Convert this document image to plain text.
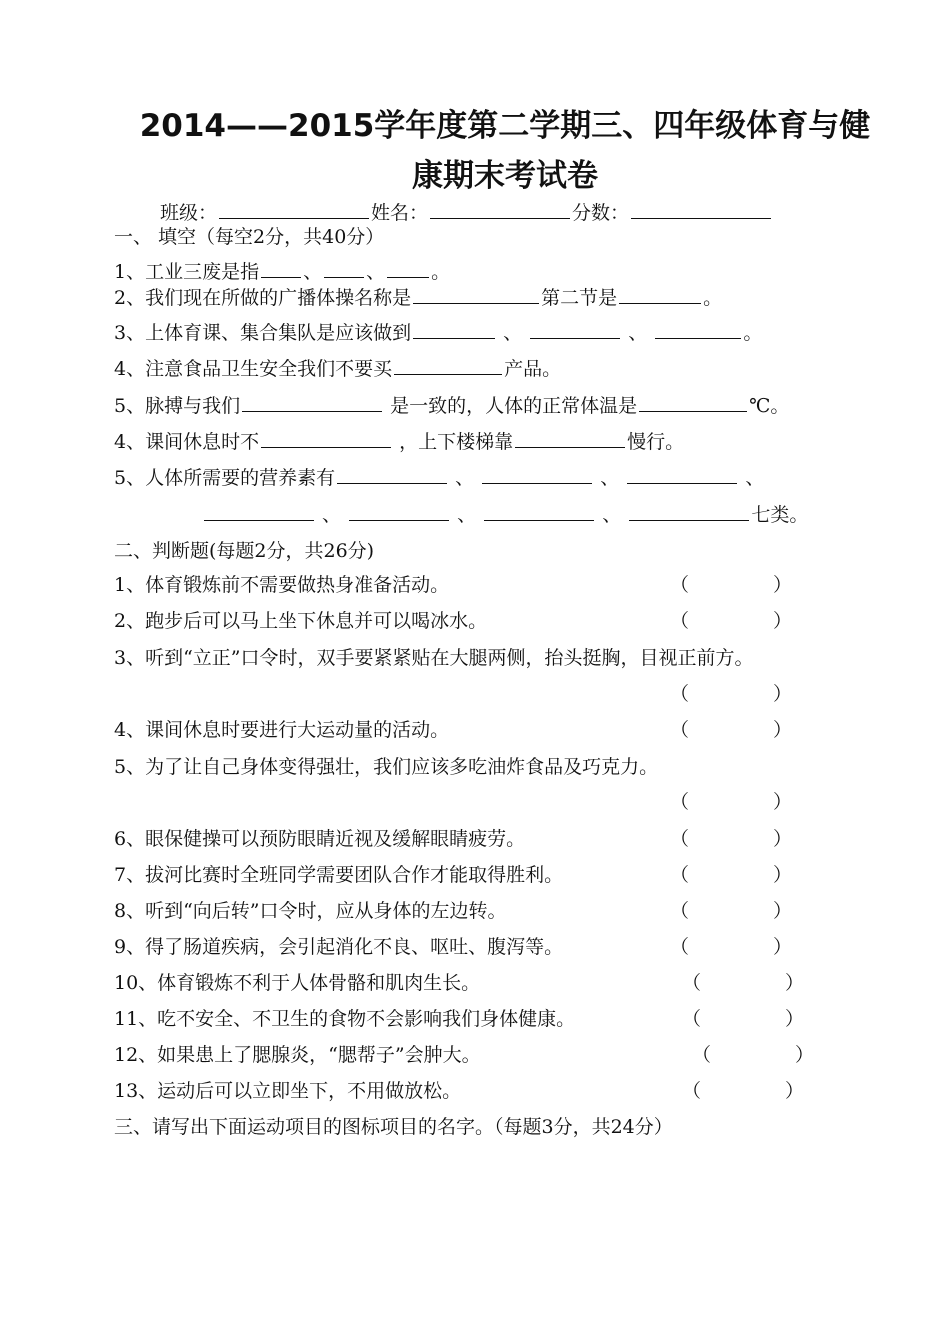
2014——2015学年度第二学期三、四年级体育与健
康期末考试卷
班级：	姓名：	分数：
一、 填空（每空2分，共40分）
1、工业三废是指 、 、 。
2、我们现在所做的广播体操名称是	第二节是	。
3、上体育课、集合集队是应该做到	、	、	。
4、注意食品卫生安全我们不要买	产品。
5、脉搏与我们	是一致的，人体的正常体温是	℃。
4、课间休息时不	，上下楼梯靠	慢行。
5、人体所需要的营养素有	、	、	、
、	、	、	七类。
二、判断题(每题2分，共26分)
1、体育锻炼前不需要做热身准备活动。	（	）
2、跑步后可以马上坐下休息并可以喝冰水。	（	）
3、听到“立正”口令时，双手要紧紧贴在大腿两侧，抬头挺胸，目视正前方。
（	）
4、课间休息时要进行大运动量的活动。	（	）
5、为了让自己身体变得强壮，我们应该多吃油炸食品及巧克力。
（	）
6、眼保健操可以预防眼睛近视及缓解眼睛疲劳。	（	）
7、拔河比赛时全班同学需要团队合作才能取得胜利。	（	）
8、听到“向后转”口令时，应从身体的左边转。	（	）
9、得了肠道疾病，会引起消化不良、呕吐、腹泻等。	（	）
10、体育锻炼不利于人体骨骼和肌肉生长。	（	）
11、吃不安全、不卫生的食物不会影响我们身体健康。	（	）
12、如果患上了腮腺炎，“腮帮子”会肿大。	（	）
13、运动后可以立即坐下，不用做放松。	（	）
三、请写出下面运动项目的图标项目的名字。（每题3分，共24分）
